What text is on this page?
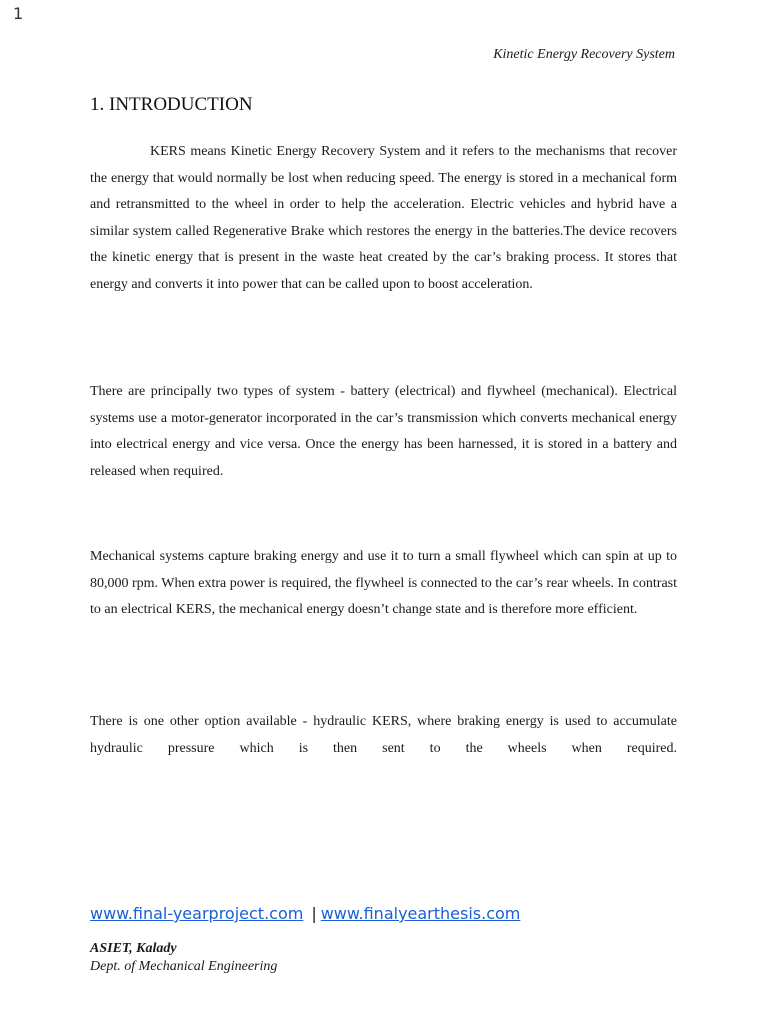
1
Kinetic Energy Recovery System
1. INTRODUCTION

KERS means Kinetic Energy Recovery System and it refers to the mechanisms that recover the energy that would normally be lost when reducing speed. The energy is stored in a mechanical form and retransmitted to the wheel in order to help the acceleration. Electric vehicles and hybrid have a similar system called Regenerative Brake which restores the energy in the batteries.The device recovers the kinetic energy that is present in the waste heat created by the car’s braking process. It stores that energy and converts it into power that can be called upon to boost acceleration.

There are principally two types of system - battery (electrical) and flywheel (mechanical). Electrical systems use a motor-generator incorporated in the car’s transmission which converts mechanical energy into electrical energy and vice versa. Once the energy has been harnessed, it is stored in a battery and released when required.

Mechanical systems capture braking energy and use it to turn a small flywheel which can spin at up to 80,000 rpm. When extra power is required, the flywheel is connected to the car’s rear wheels. In contrast to an electrical KERS, the mechanical energy doesn’t change state and is therefore more efficient.

There is one other option available - hydraulic KERS, where braking energy is used to accumulate hydraulic pressure which is then sent to the wheels when required.

www.final-yearproject.com | www.finalyearthesis.com
ASIET, Kalady
Dept. of Mechanical Engineering
